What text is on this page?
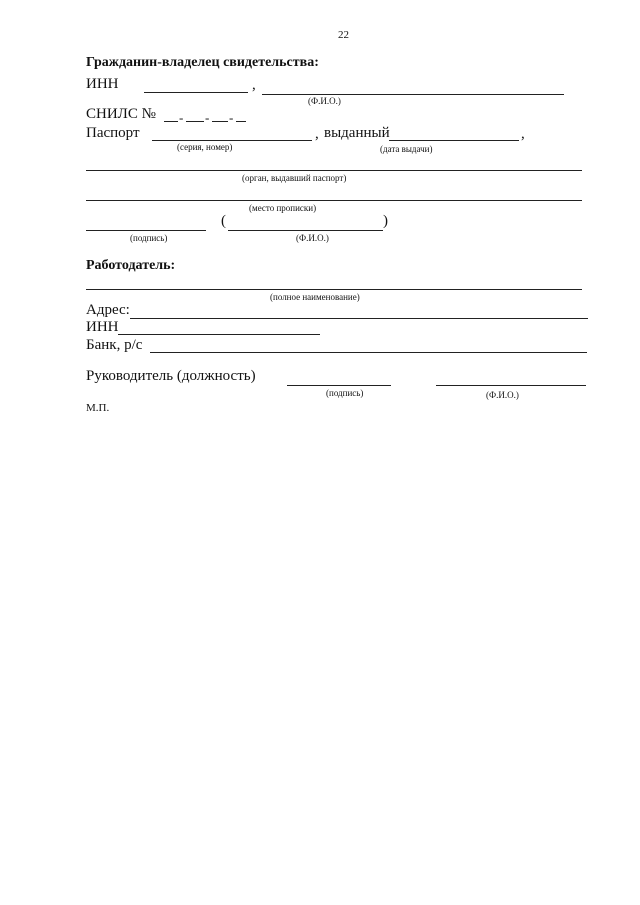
22
Гражданин-владелец свидетельства:
ИНН	,
(Ф.И.О.)
СНИЛС № - - -
Паспорт	, выданный	,
(серия, номер)	(дата выдачи)
(орган, выдавший паспорт)
(место прописки)
(	)
(подпись)	(Ф.И.О.)
Работодатель:
(полное наименование)
Адрес:
ИНН
Банк, р/с
Руководитель (должность)
(подпись)	(Ф.И.О.)
М.П.
